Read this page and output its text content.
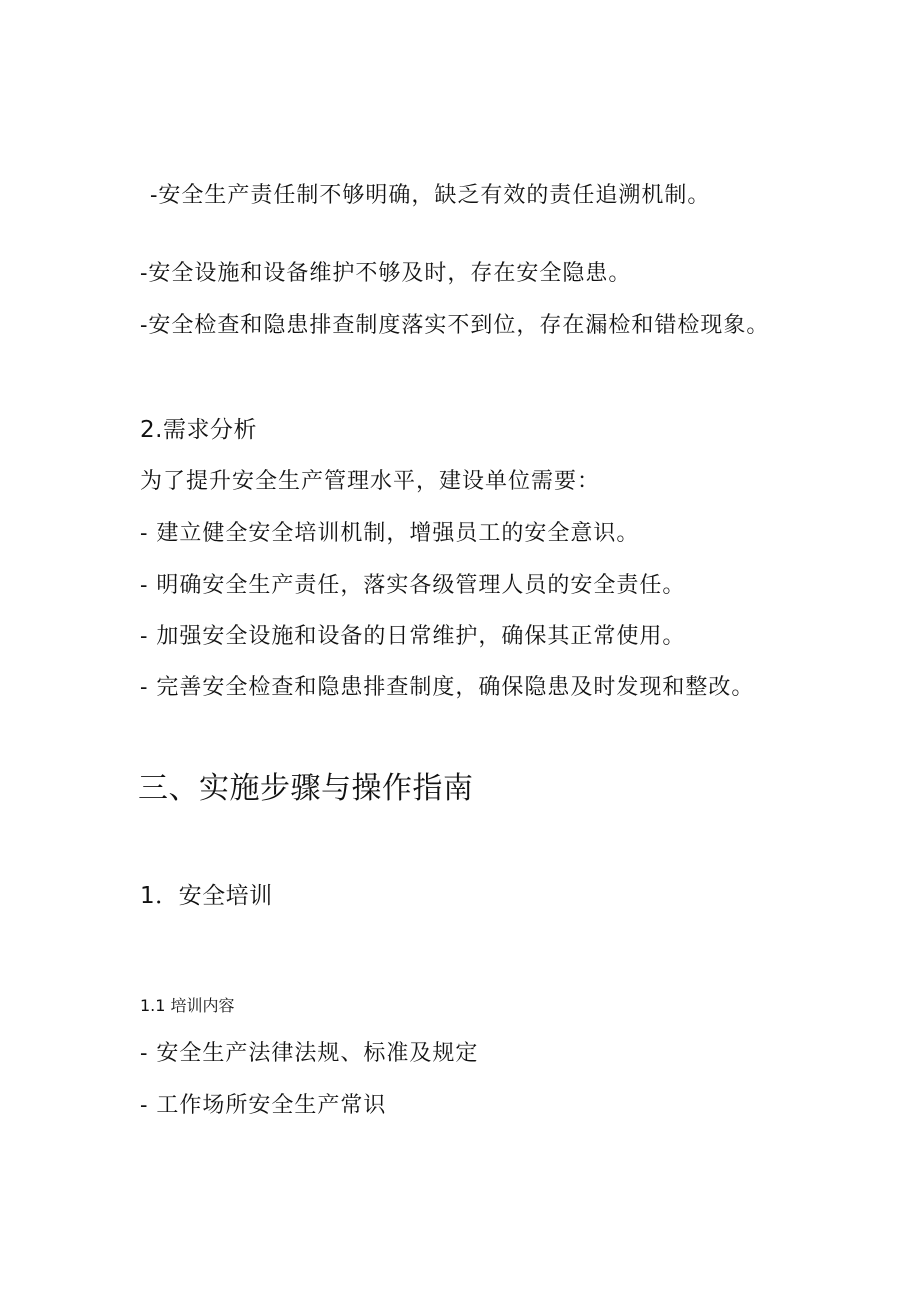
-安全生产责任制不够明确，缺乏有效的责任追溯机制。
-安全设施和设备维护不够及时，存在安全隐患。
-安全检查和隐患排查制度落实不到位，存在漏检和错检现象。
2.需求分析
为了提升安全生产管理水平，建设单位需要：
- 建立健全安全培训机制，增强员工的安全意识。
- 明确安全生产责任，落实各级管理人员的安全责任。
- 加强安全设施和设备的日常维护，确保其正常使用。
- 完善安全检查和隐患排查制度，确保隐患及时发现和整改。
三、实施步骤与操作指南
1．安全培训
1.1 培训内容
- 安全生产法律法规、标准及规定
- 工作场所安全生产常识
